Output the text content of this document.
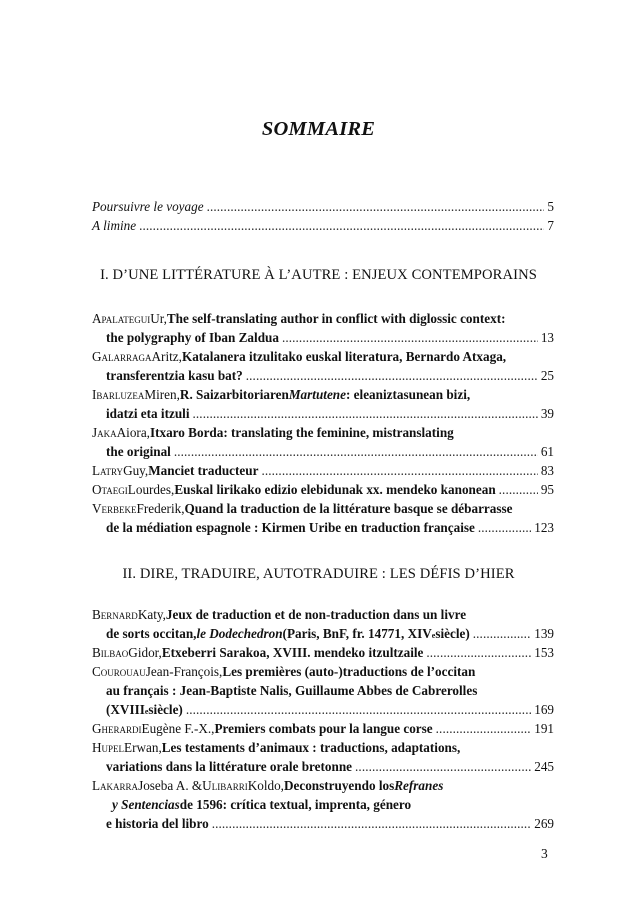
SOMMAIRE
Poursuivre le voyage . . .	5
A limine . . .	7
I. D’UNE LITTÉRATURE À L’AUTRE : ENJEUX CONTEMPORAINS
Apalategui Ur, The self-translating author in conflict with diglossic context:
the polygraphy of Iban Zaldua . . .	13
Galarraga Aritz, Katalanera itzulitako euskal literatura, Bernardo Atxaga,
transferentzia kasu bat? . . .	25
Ibarluzea Miren, R. Saizarbitoriaren Martutene : eleaniztasunean bizi,
idatzi eta itzuli . . .	39
Jaka Aiora, Itxaro Borda: translating the feminine, mistranslating
the original . . .	61
Latry Guy, Manciet traducteur . . .	83
Otaegi Lourdes, Euskal lirikako edizio elebidunak xx. mendeko kanonean . . .	95
Verbeke Frederik, Quand la traduction de la littérature basque se débarrasse
de la médiation espagnole : Kirmen Uribe en traduction française . . .	123
II. DIRE, TRADUIRE, AUTOTRADUIRE : LES DÉFIS D’HIER
Bernard Katy, Jeux de traduction et de non-traduction dans un livre
de sorts occitan, le Dodechedron (Paris, BnF, fr. 14771, XIV e siècle) . . .	139
Bilbao Gidor, Etxeberri Sarakoa, XVIII. mendeko itzultzaile . . .	153
Courouau Jean-François, Les premières (auto-)traductions de l’occitan
au français : Jean-Baptiste Nalis, Guillaume Abbes de Cabrerolles
(XVIII e siècle) . . .	169
Gherardi Eugène F.-X., Premiers combats pour la langue corse . . .	191
Hupel Erwan, Les testaments d’animaux : traductions, adaptations,
variations dans la littérature orale bretonne . . .	245
Lakarra Joseba A. & Ulibarri Koldo, Deconstruyendo los Refranes
y Sentencias de 1596: crítica textual, imprenta, género
e historia del libro . . .	269
3
